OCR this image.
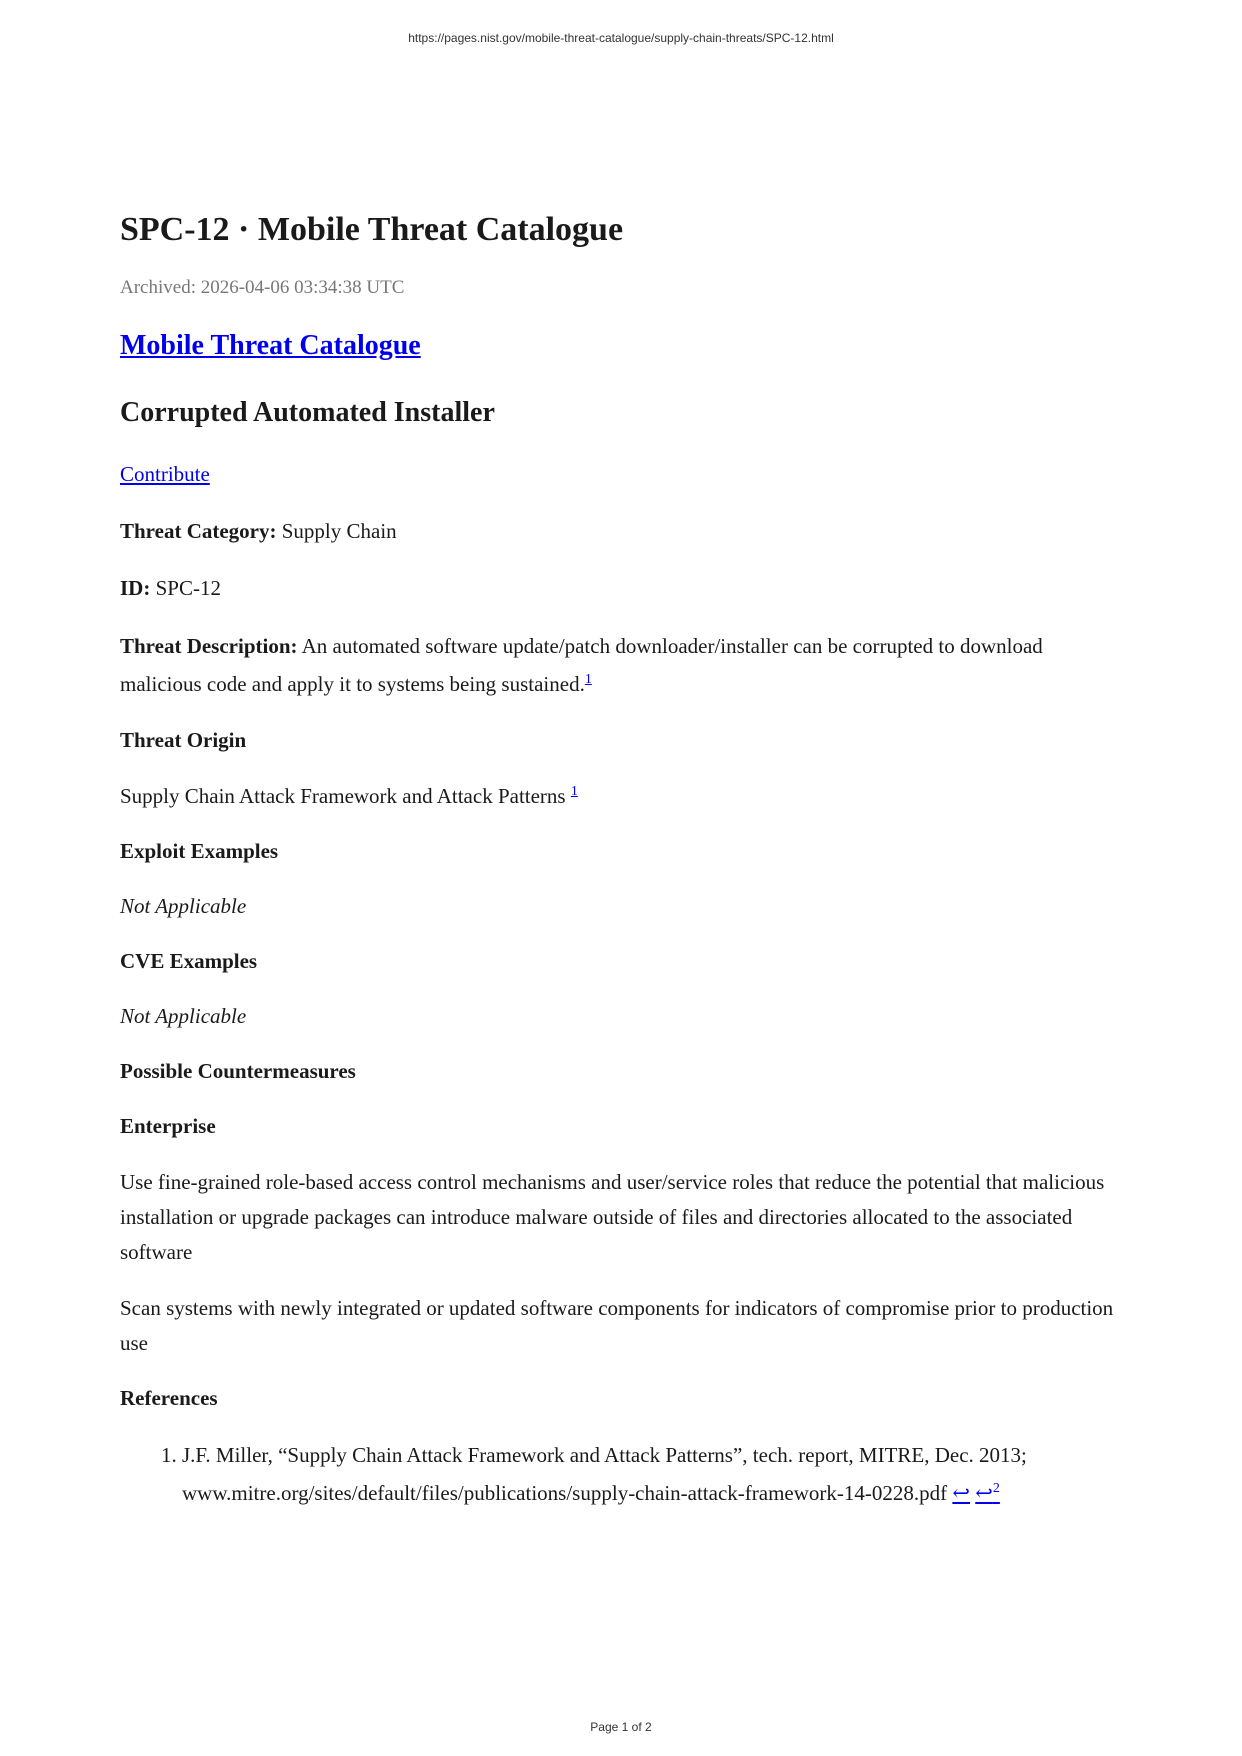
https://pages.nist.gov/mobile-threat-catalogue/supply-chain-threats/SPC-12.html
SPC-12 · Mobile Threat Catalogue
Archived: 2026-04-06 03:34:38 UTC
Mobile Threat Catalogue
Corrupted Automated Installer

Contribute

Threat Category: Supply Chain

ID: SPC-12

Threat Description: An automated software update/patch downloader/installer can be corrupted to download malicious code and apply it to systems being sustained.$^1$

Threat Origin

Supply Chain Attack Framework and Attack Patterns $^1$

Exploit Examples

Not Applicable

CVE Examples

Not Applicable

Possible Countermeasures

Enterprise

Use fine-grained role-based access control mechanisms and user/service roles that reduce the potential that malicious installation or upgrade packages can introduce malware outside of files and directories allocated to the associated software

Scan systems with newly integrated or updated software components for indicators of compromise prior to production use

References

1. J.F. Miller, “Supply Chain Attack Framework and Attack Patterns”, tech. report, MITRE, Dec. 2013; www.mitre.org/sites/default/files/publications/supply-chain-attack-framework-14-0228.pdf ↩ ↩$^2$
Page 1 of 2
